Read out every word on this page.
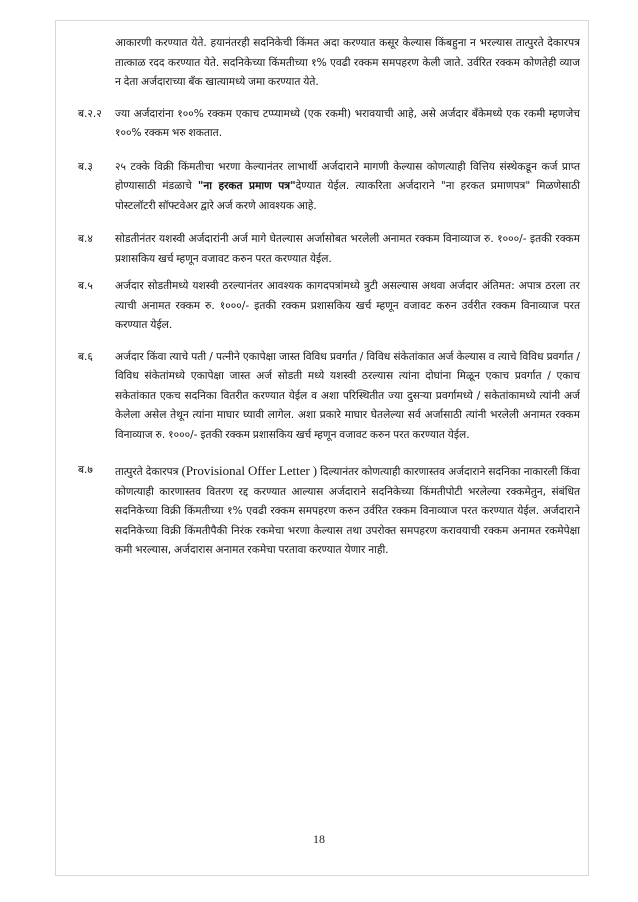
आकारणी करण्यात येते. हयानंतरही सदनिकेची किंमत अदा करण्यात कसूर केल्यास किंबहुना न भरल्यास तात्पुरते देकारपत्र तात्काळ रदद करण्यात येते. सदनिकेच्या किंमतीच्या १% एवढी रक्कम समपहरण केली जाते. उर्वरित रक्कम कोणतेही व्याज न देता अर्जदाराच्या बँक खात्यामध्ये जमा करण्यात येते.

ब.२.२ ज्या अर्जदारांना १००% रक्कम एकाच टप्प्यामध्ये (एक रकमी) भरावयाची आहे, असे अर्जदार बँकेमध्ये एक रकमी म्हणजेच १००% रक्कम भरु शकतात.

ब.३ २५ टक्के विक्री किंमतीचा भरणा केल्यानंतर लाभार्थी अर्जदाराने मागणी केल्यास कोणत्याही वित्तिय संस्थेकडून कर्ज प्राप्त होण्यासाठी मंडळाचे "ना हरकत प्रमाण पत्र"देण्यात येईल. त्याकरिता अर्जदाराने "ना हरकत प्रमाणपत्र" मिळणेसाठी पोस्टलॉटरी सॉफ्टवेअर द्वारे अर्ज करणे आवश्यक आहे.

ब.४ सोडतीनंतर यशस्वी अर्जदारांनी अर्ज मागे घेतल्यास अर्जासोबत भरलेली अनामत रक्कम विनाव्याज रु. १०००/- इतकी रक्कम प्रशासकिय खर्च म्हणून वजावट करुन परत करण्यात येईल.

ब.५ अर्जदार सोडतीमध्ये यशस्वी ठरल्यानंतर आवश्यक कागदपत्रांमध्ये त्रुटी असल्यास अथवा अर्जदार अंतिमत: अपात्र ठरला तर त्याची अनामत रक्कम रु. १०००/- इतकी रक्कम प्रशासकिय खर्च म्हणून वजावट करुन उर्वरीत रक्कम विनाव्याज परत करण्यात येईल.

ब.६ अर्जदार किंवा त्याचे पती / पत्नीने एकापेक्षा जास्त विविध प्रवर्गात / विविध संकेतांकात अर्ज केल्यास व त्याचे विविध प्रवर्गात / विविध संकेतांमध्ये एकापेक्षा जास्त अर्ज सोडती मध्ये यशस्वी ठरल्यास त्यांना दोघांना मिळून एकाच प्रवर्गात / एकाच सकेतांकात एकच सदनिका वितरीत करण्यात येईल व अशा परिस्थितीत ज्या दुसऱ्या प्रवर्गामध्ये / सकेतांकामध्ये त्यांनी अर्ज केलेला असेल तेथून त्यांना माघार घ्यावी लागेल. अशा प्रकारे माघार घेतलेल्या सर्व अर्जासाठी त्यांनी भरलेली अनामत रक्कम विनाव्याज रु. १०००/- इतकी रक्कम प्रशासकिय खर्च म्हणून वजावट करुन परत करण्यात येईल.

ब.७ तात्पुरते देकारपत्र (Provisional Offer Letter ) दिल्यानंतर कोणत्याही कारणास्तव अर्जदाराने सदनिका नाकारली किंवा कोणत्याही कारणास्तव वितरण रद्द करण्यात आल्यास अर्जदाराने सदनिकेच्या किंमतीपोटी भरलेल्या रक्कमेतुन, संबंधित सदनिकेच्या विक्री किंमतीच्या १% एवढी रक्कम समपहरण करुन उर्वरित रक्कम विनाव्याज परत करण्यात येईल. अर्जदाराने सदनिकेच्या विक्री किंमतीपैकी निरंक रकमेचा भरणा केल्यास तथा उपरोक्त समपहरण करावयाची रक्कम अनामत रकमेपेक्षा कमी भरल्यास, अर्जदारास अनामत रकमेचा परतावा करण्यात येणार नाही.

18
